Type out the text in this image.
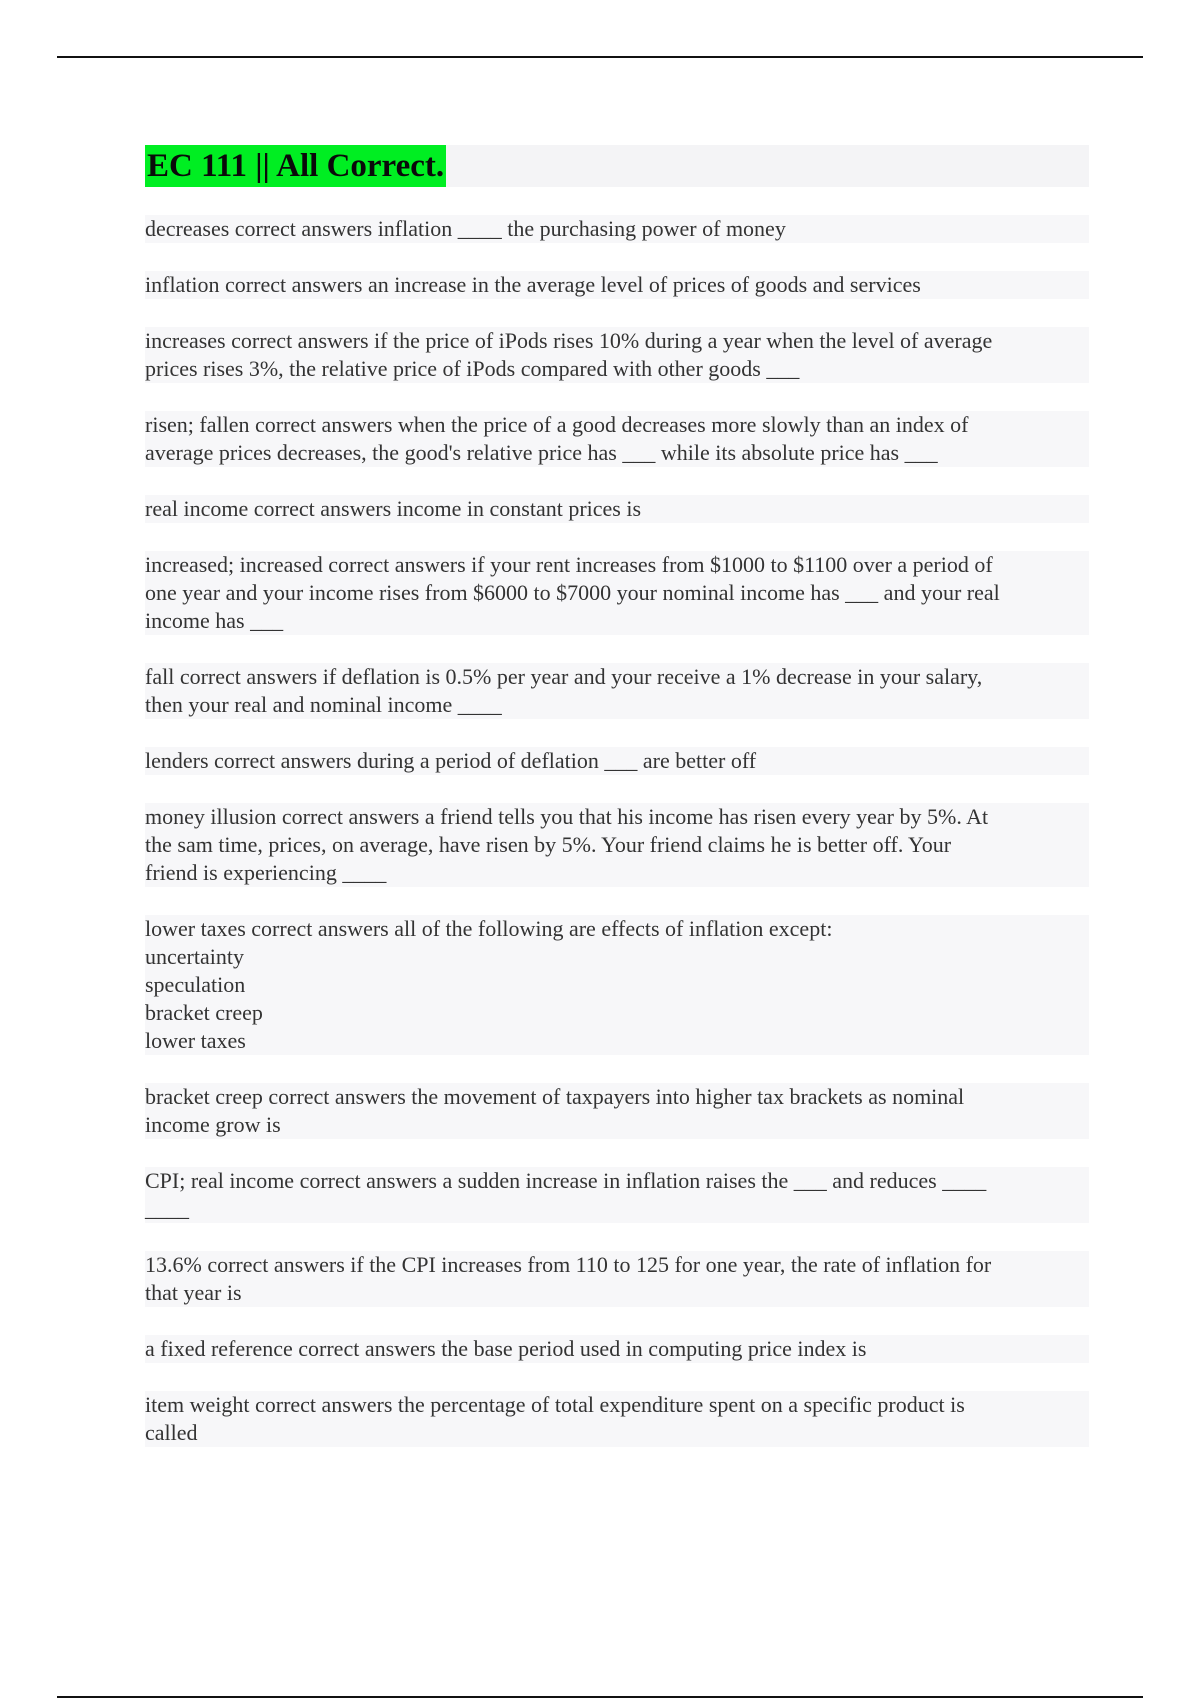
EC 111 || All Correct.

decreases correct answers inflation ____ the purchasing power of money

inflation correct answers an increase in the average level of prices of goods and services

increases correct answers if the price of iPods rises 10% during a year when the level of average
prices rises 3%, the relative price of iPods compared with other goods ___

risen; fallen correct answers when the price of a good decreases more slowly than an index of
average prices decreases, the good's relative price has ___ while its absolute price has ___

real income correct answers income in constant prices is

increased; increased correct answers if your rent increases from $1000 to $1100 over a period of
one year and your income rises from $6000 to $7000 your nominal income has ___ and your real
income has ___

fall correct answers if deflation is 0.5% per year and your receive a 1% decrease in your salary,
then your real and nominal income ____

lenders correct answers during a period of deflation ___ are better off

money illusion correct answers a friend tells you that his income has risen every year by 5%. At
the sam time, prices, on average, have risen by 5%. Your friend claims he is better off. Your
friend is experiencing ____

lower taxes correct answers all of the following are effects of inflation except:
uncertainty
speculation
bracket creep
lower taxes

bracket creep correct answers the movement of taxpayers into higher tax brackets as nominal
income grow is

CPI; real income correct answers a sudden increase in inflation raises the ___ and reduces ____
____

13.6% correct answers if the CPI increases from 110 to 125 for one year, the rate of inflation for
that year is

a fixed reference correct answers the base period used in computing price index is

item weight correct answers the percentage of total expenditure spent on a specific product is
called
